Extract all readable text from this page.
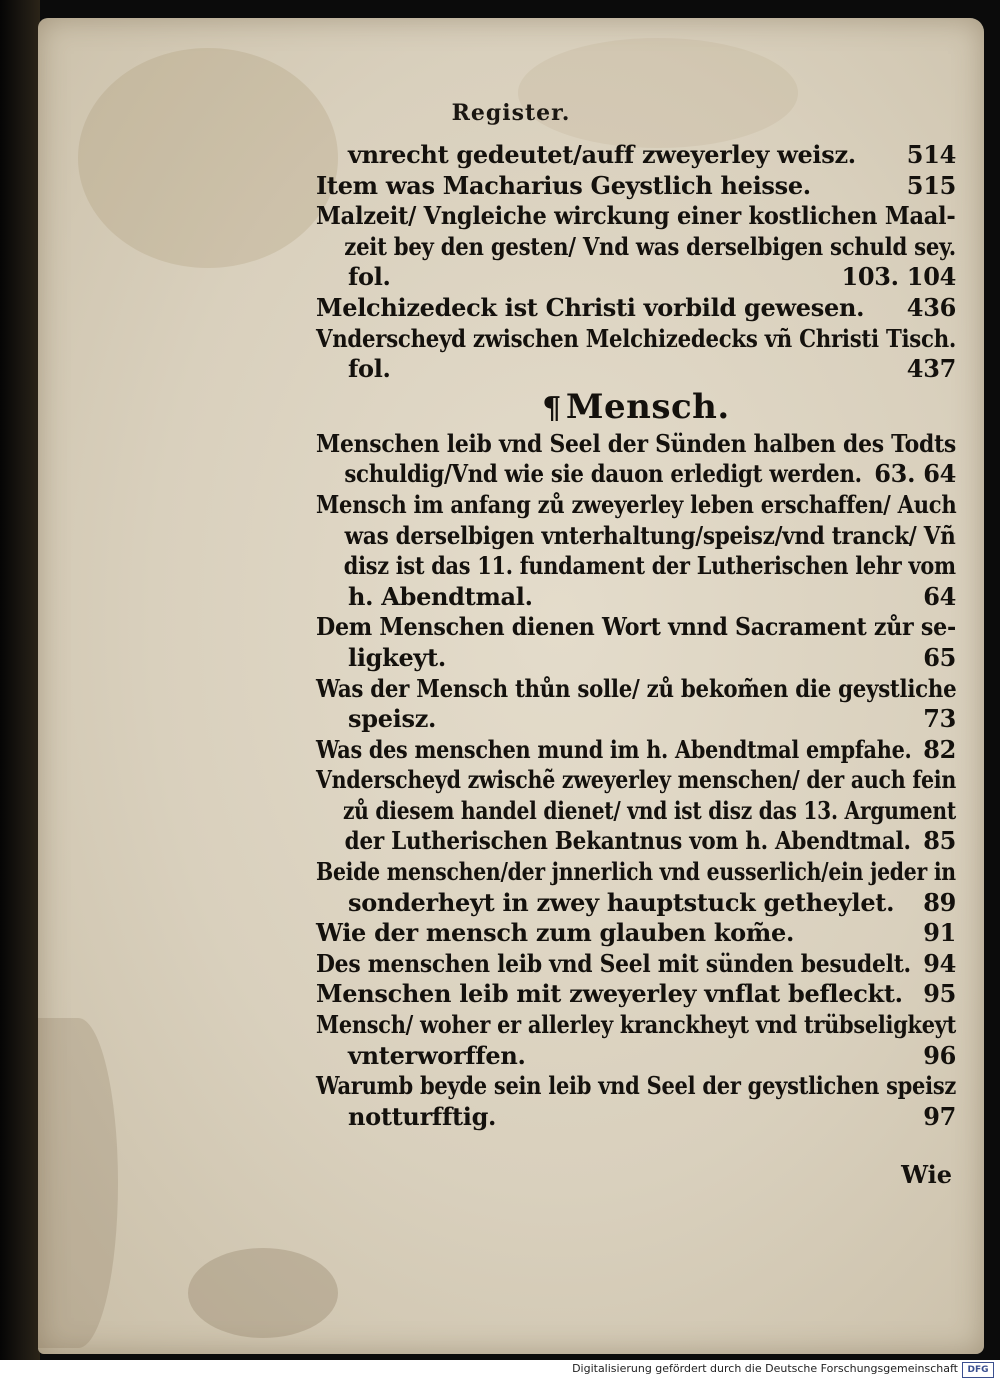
Register.
vnrecht gedeutet/auff zweyerley weisz. 514
Item was Macharius Geystlich heisse.	515
Malzeit/ Vngleiche wirckung einer kostlichen Maal-
zeit bey den gesten/ Vnd was derselbigen schuld sey.
fol.	103. 104
Melchizedeck ist Christi vorbild gewesen. 436
Vnderscheyd zwischen Melchizedecks vñ Christi Tisch.
fol.	437
¶ Mensch.
Menschen leib vnd Seel der Sünden halben des Todts
schuldig/Vnd wie sie dauon erledigt werden. 63. 64
Mensch im anfang zů zweyerley leben erschaffen/ Auch
was derselbigen vnterhaltung/speisz/vnd tranck/ Vñ
disz ist das 11. fundament der Lutherischen lehr vom
h. Abendtmal.	64
Dem Menschen dienen Wort vnnd Sacrament zůr se-
ligkeyt.	65
Was der Mensch thůn solle/ zů bekom̃en die geystliche
speisz.	73
Was des menschen mund im h. Abendtmal empfahe. 82
Vnderscheyd zwischẽ zweyerley menschen/ der auch fein
zů diesem handel dienet/ vnd ist disz das 13. Argument
der Lutherischen Bekantnus vom h. Abendtmal. 85
Beide menschen/der jnnerlich vnd eusserlich/ein jeder in
sonderheyt in zwey hauptstuck getheylet. 89
Wie der mensch zum glauben kom̃e.	91
Des menschen leib vnd Seel mit sünden besudelt. 94
Menschen leib mit zweyerley vnflat befleckt. 95
Mensch/ woher er allerley kranckheyt vnd trübseligkeyt
vnterworffen.	96
Warumb beyde sein leib vnd Seel der geystlichen speisz
notturfftig.	97
Wie
Digitalisierung gefördert durch die Deutsche Forschungsgemeinschaft	DFG
